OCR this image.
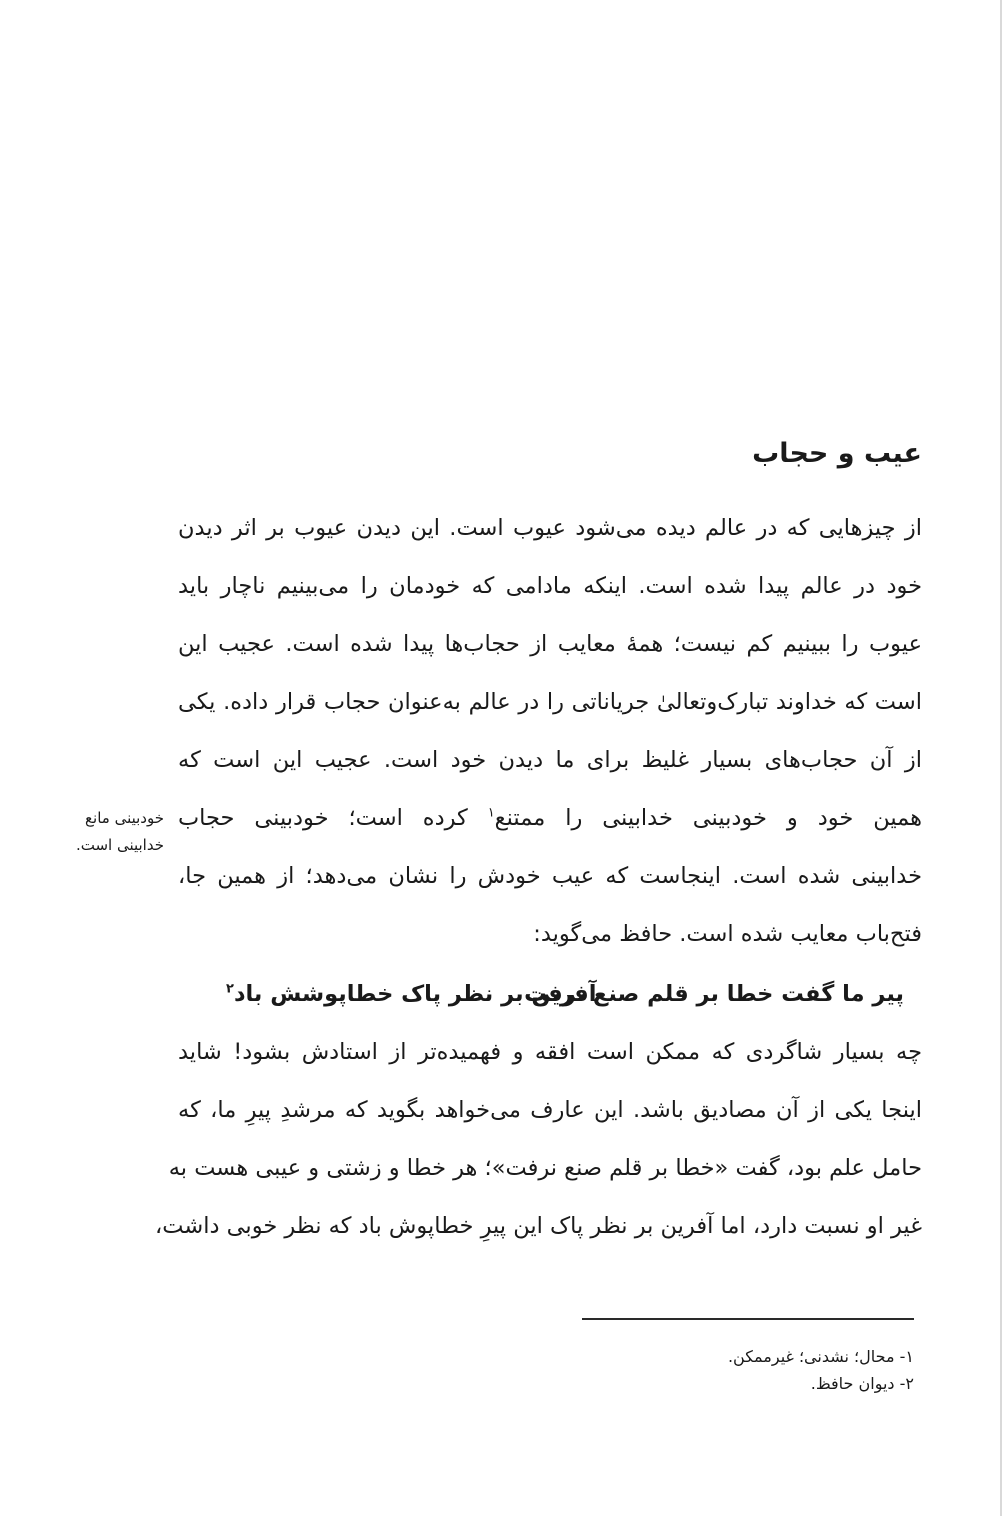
عیب و حجاب
از چیزهایی که در عالم دیده می‌شود عیوب است. این دیدن عیوب بر اثر دیدن
خود در عالم پیدا شده است. اینکه مادامی که خودمان را می‌بینیم ناچار باید
عیوب را ببینیم کم نیست؛ همهٔ معایب از حجاب‌ها پیدا شده است. عجیب این
است که خداوند تبارک‌وتعالیٰ جریاناتی را در عالم به‌عنوان حجاب قرار داده. یکی
از آن حجاب‌های بسیار غلیظ برای ما دیدن خود است. عجیب این است که
همین خود و خودبینی خدابینی را ممتنع$^۱$ کرده است؛ خودبینی حجاب
خدابینی شده است. اینجاست که عیب خودش را نشان می‌دهد؛ از همین جا،
فتح‌باب معایب شده است. حافظ می‌گوید:
خودبینی مانع
خدابینی است.
پیر ما گفت خطا بر قلم صنع نرفت
آفرین بر نظر پاک خطاپوشش باد$^۲$
چه بسیار شاگردی که ممکن است افقه و فهمیده‌تر از استادش بشود! شاید
اینجا یکی از آن مصادیق باشد. این عارف می‌خواهد بگوید که مرشدِ پیرِ ما، که
حامل علم بود، گفت «خطا بر قلم صنع نرفت»؛ هر خطا و زشتی و عیبی هست به
غیر او نسبت دارد، اما آفرین بر نظر پاک این پیرِ خطاپوش باد که نظر خوبی داشت،
۱- محال؛ نشدنی؛ غیرممکن.
۲- دیوان حافظ.
